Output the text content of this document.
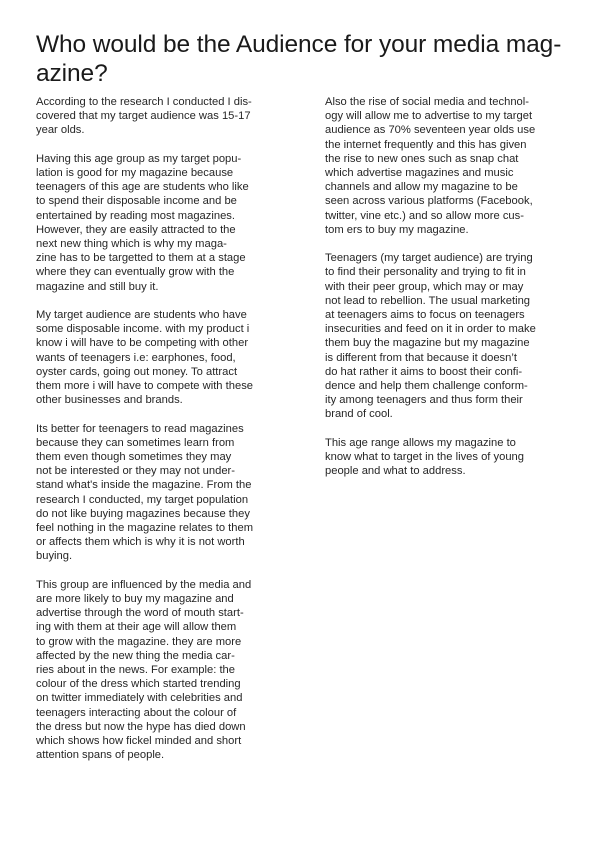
Who would be the Audience for your media mag-
azine?

According to the research I conducted I dis-
covered that my target audience was 15-17
year olds.

Having this age group as my target popu-
lation is good for my magazine because
teenagers of this age are students who like
to spend their disposable income and be
entertained by reading most magazines.
However, they are easily attracted to the
next new thing which is why my maga-
zine has to be targetted to them at a stage
where they can eventually grow with the
magazine and still buy it.

My target audience are students who have
some disposable income. with my product i
know i will have to be competing with other
wants of teenagers i.e: earphones, food,
oyster cards, going out money. To attract
them more i will have to compete with these
other businesses and brands.

Its better for teenagers to read magazines
because they can sometimes learn from
them even though sometimes they may
not be interested or they may not under-
stand what's inside the magazine. From the
research I conducted, my target population
do not like buying magazines because they
feel nothing in the magazine relates to them
or affects them which is why it is not worth
buying.

This group are influenced by the media and
are more likely to buy my magazine and
advertise through the word of mouth start-
ing with them at their age will allow them
to grow with the magazine. they are more
affected by the new thing the media car-
ries about in the news. For example: the
colour of the dress which started trending
on twitter immediately with celebrities and
teenagers interacting about the colour of
the dress but now the hype has died down
which shows how fickel minded and short
attention spans of people.

Also the rise of social media and technol-
ogy will allow me to advertise to my target
audience as 70% seventeen year olds use
the internet frequently and this has given
the rise to new ones such as snap chat
which advertise magazines and music
channels and allow my magazine to be
seen across various platforms (Facebook,
twitter, vine etc.) and so allow more cus-
tom ers to buy my magazine.

Teenagers (my target audience) are trying
to find their personality and trying to fit in
with their peer group, which may or may
not lead to rebellion. The usual marketing
at teenagers aims to focus on teenagers
insecurities and feed on it in order to make
them buy the magazine but my magazine
is different from that because it doesn’t
do hat rather it aims to boost their confi-
dence and help them challenge conform-
ity among teenagers and thus form their
brand of cool.

This age range allows my magazine to
know what to target in the lives of young
people and what to address.
